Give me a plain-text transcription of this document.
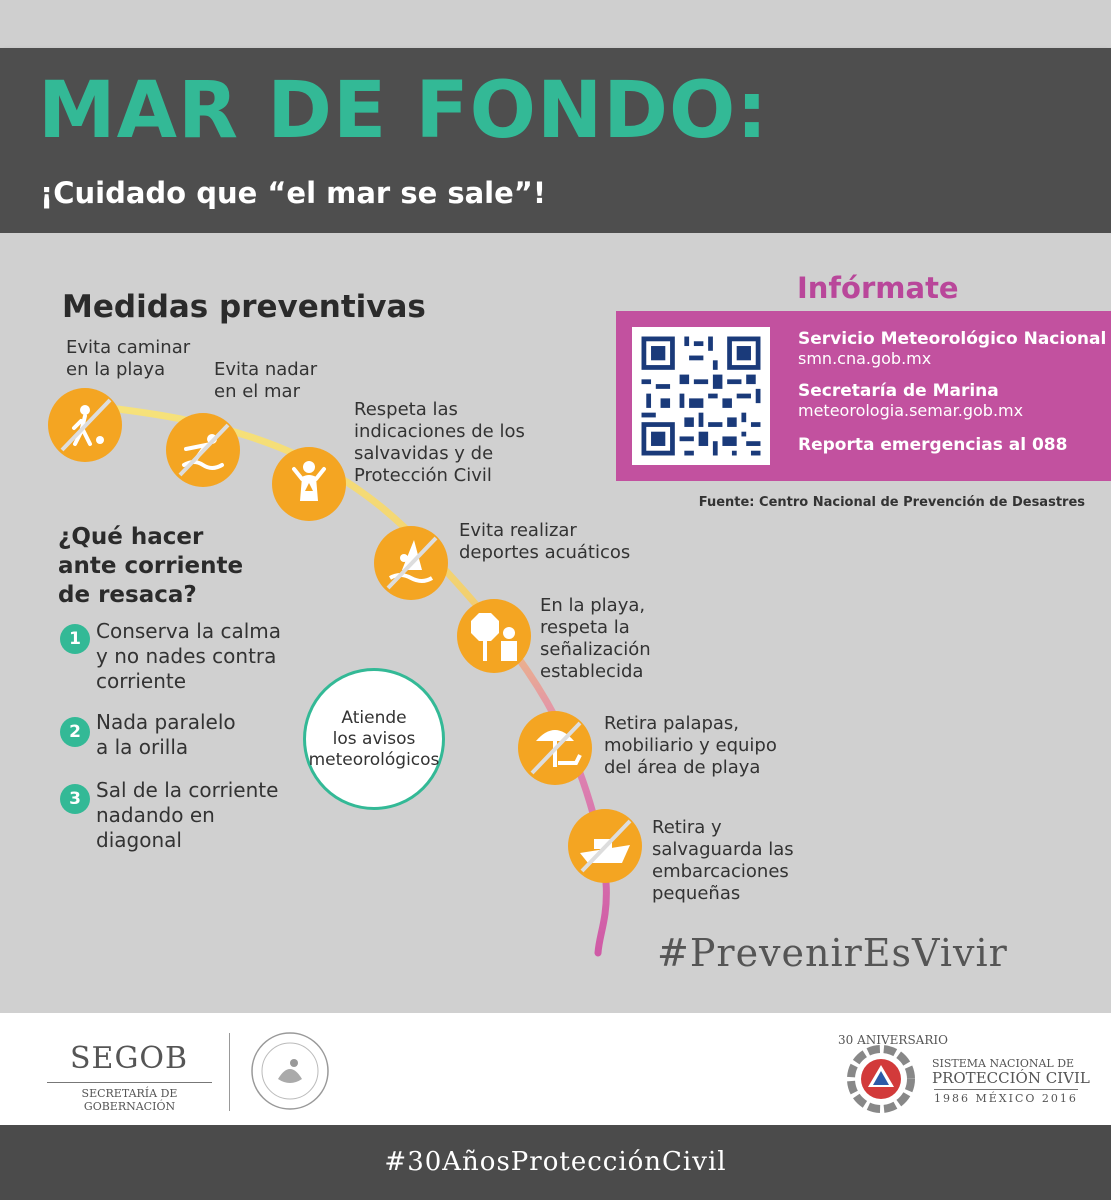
MAR DE FONDO:
¡Cuidado que “el mar se sale”!
Medidas preventivas
Evita caminar
en la playa	Evita nadar
en el mar
Respeta las
indicaciones de los
salvavidas y de
Protección Civil
Evita realizar
deportes acuáticos
En la playa,
respeta la
señalización
establecida
Retira palapas,
mobiliario y equipo
del área de playa
Retira y
salvaguarda las
embarcaciones
pequeñas
¿Qué hacer
ante corriente
de resaca?
1 Conserva la calma
y no nades contra
corriente
2 Nada paralelo
a la orilla
3 Sal de la corriente
nadando en
diagonal
Atiende
los avisos
meteorológicos
Infórmate
Servicio Meteorológico Nacional
smn.cna.gob.mx
Secretaría de Marina
meteorologia.semar.gob.mx
Reporta emergencias al 088
Fuente: Centro Nacional de Prevención de Desastres
#PrevenirEsVivir
SEGOB
SECRETARÍA DE GOBERNACIÓN
30 ANIVERSARIO
SISTEMA NACIONAL DE
PROTECCIÓN CIVIL
1986 MÉXICO 2016
#30AñosProtecciónCivil
